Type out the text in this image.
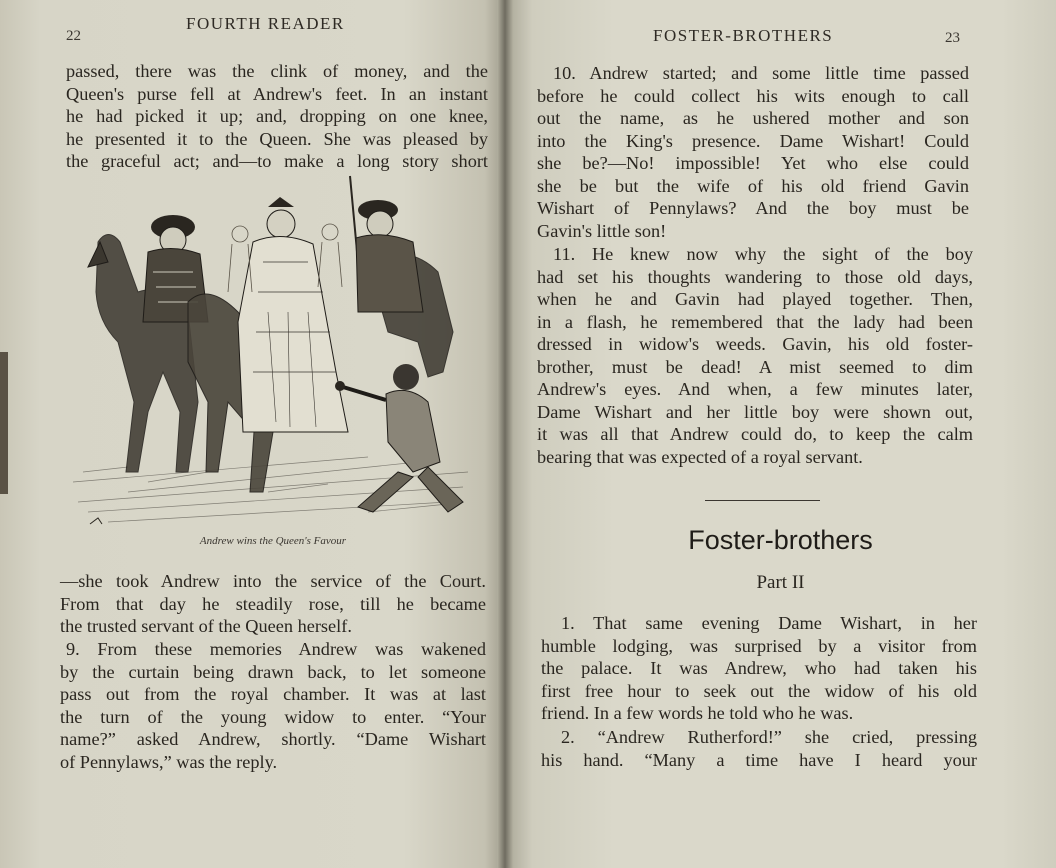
22
FOURTH READER
passed, there was the clink of money, and the
Queen's purse fell at Andrew's feet. In an instant
he had picked it up; and, dropping on one knee,
he presented it to the Queen. She was pleased by
the graceful act; and—to make a long story short
Andrew wins the Queen's Favour
—she took Andrew into the service of the Court.
From that day he steadily rose, till he became
the trusted servant of the Queen herself.
9. From these memories Andrew was wakened
by the curtain being drawn back, to let someone
pass out from the royal chamber. It was at last
the turn of the young widow to enter. “Your
name?” asked Andrew, shortly. “Dame Wishart
of Pennylaws,” was the reply.
FOSTER-BROTHERS	23
10. Andrew started; and some little time passed
before he could collect his wits enough to call
out the name, as he ushered mother and son
into the King's presence. Dame Wishart! Could
she be?—No! impossible! Yet who else could
she be but the wife of his old friend Gavin
Wishart of Pennylaws? And the boy must be
Gavin's little son!
11. He knew now why the sight of the boy
had set his thoughts wandering to those old days,
when he and Gavin had played together. Then,
in a flash, he remembered that the lady had been
dressed in widow's weeds. Gavin, his old foster-
brother, must be dead! A mist seemed to dim
Andrew's eyes. And when, a few minutes later,
Dame Wishart and her little boy were shown out,
it was all that Andrew could do, to keep the calm
bearing that was expected of a royal servant.
1. That same evening Dame Wishart, in her
humble lodging, was surprised by a visitor from
the palace. It was Andrew, who had taken his
first free hour to seek out the widow of his old
friend. In a few words he told who he was.
2. “Andrew Rutherford!” she cried, pressing
his hand. “Many a time have I heard your
Foster-brothers
Part II
